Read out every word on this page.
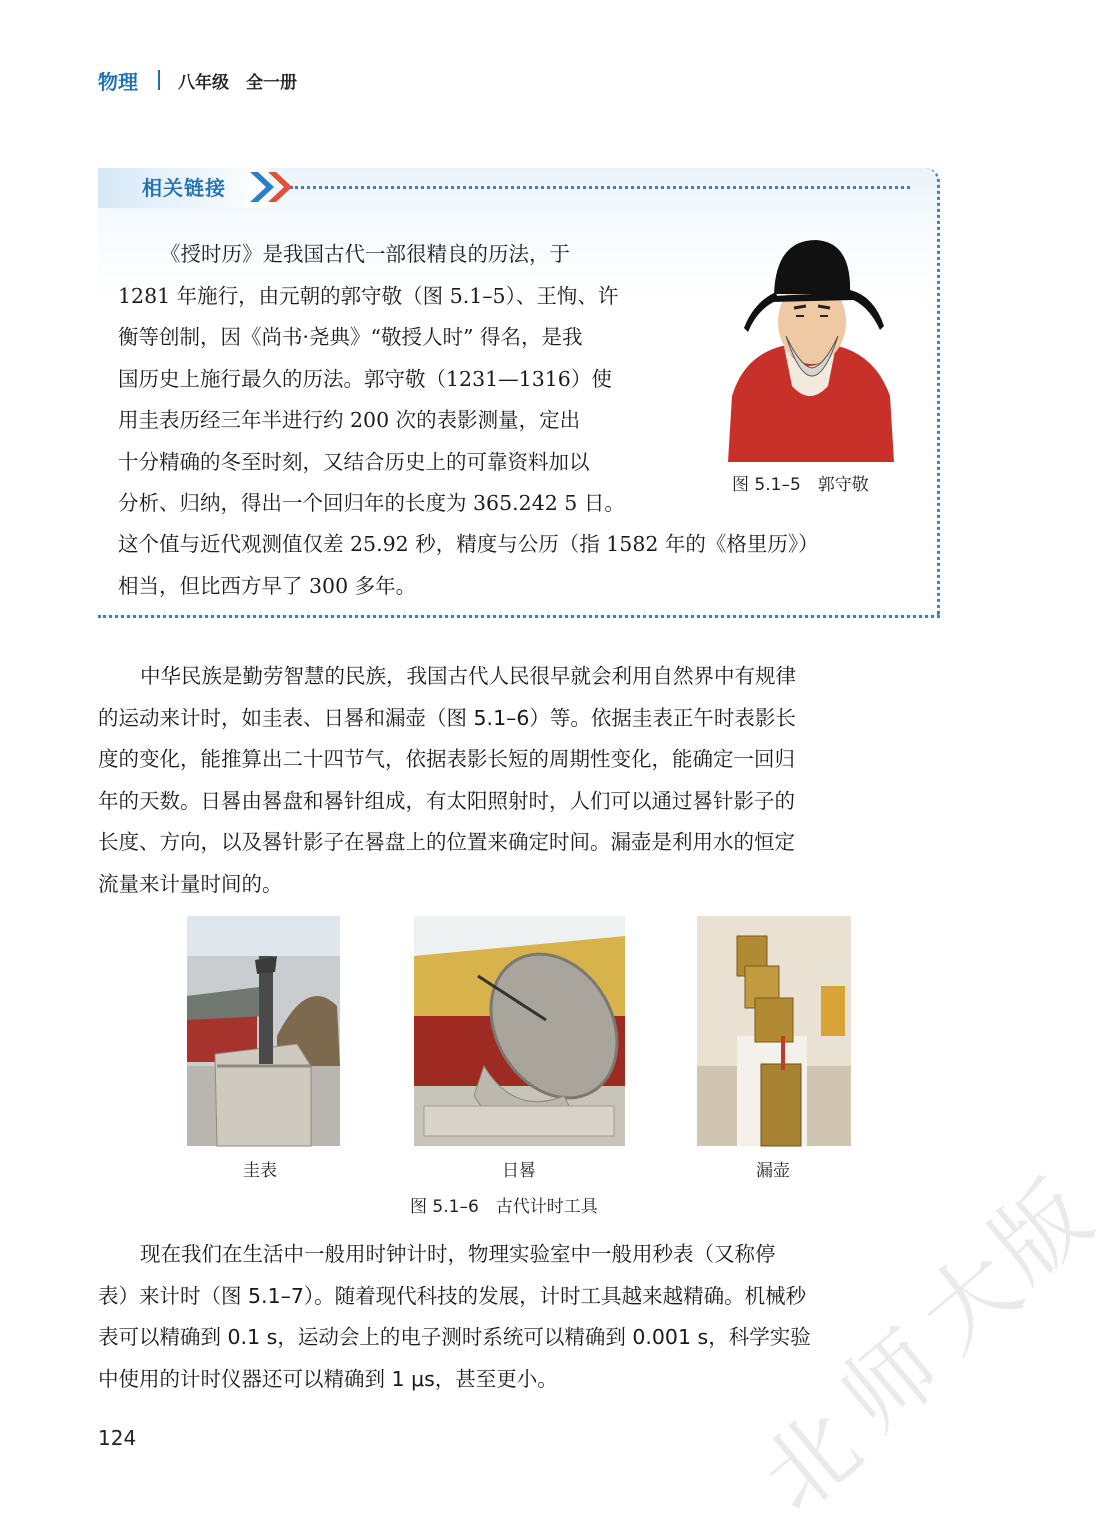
物理 八年级　全一册
相关链接
《授时历》是我国古代一部很精良的历法，于
1281 年施行，由元朝的郭守敬（图 5.1–5）、王恂、许
衡等创制，因《尚书·尧典》“敬授人时” 得名，是我
国历史上施行最久的历法。郭守敬（1231—1316）使
用圭表历经三年半进行约 200 次的表影测量，定出
十分精确的冬至时刻，又结合历史上的可靠资料加以
分析、归纳，得出一个回归年的长度为 365.242 5 日。
这个值与近代观测值仅差 25.92 秒，精度与公历（指 1582 年的《格里历》）
相当，但比西方早了 300 多年。
图 5.1–5　郭守敬
中华民族是勤劳智慧的民族，我国古代人民很早就会利用自然界中有规律
的运动来计时，如圭表、日晷和漏壶（图 5.1–6）等。依据圭表正午时表影长
度的变化，能推算出二十四节气，依据表影长短的周期性变化，能确定一回归
年的天数。日晷由晷盘和晷针组成，有太阳照射时，人们可以通过晷针影子的
长度、方向，以及晷针影子在晷盘上的位置来确定时间。漏壶是利用水的恒定
流量来计量时间的。
圭表	日晷	漏壶
图 5.1–6　古代计时工具
现在我们在生活中一般用时钟计时，物理实验室中一般用秒表（又称停
表）来计时（图 5.1–7）。随着现代科技的发展，计时工具越来越精确。机械秒
表可以精确到 0.1 s，运动会上的电子测时系统可以精确到 0.001 s，科学实验
中使用的计时仪器还可以精确到 1 μs，甚至更小。
124	北
师
大
版
